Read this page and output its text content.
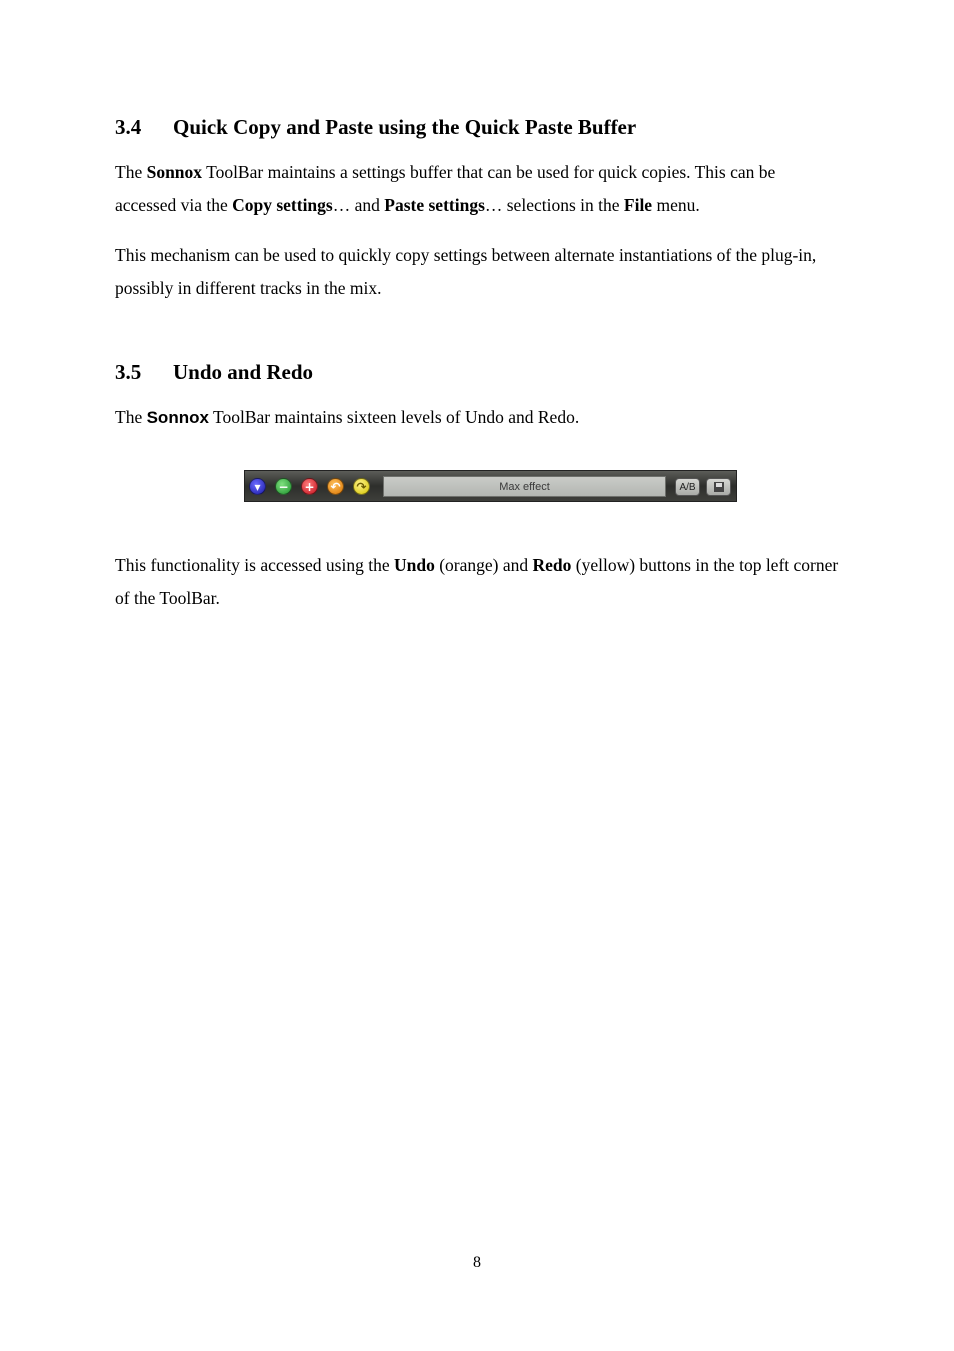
3.4 Quick Copy and Paste using the Quick Paste Buffer

The Sonnox ToolBar maintains a settings buffer that can be used for quick copies. This can be accessed via the Copy settings… and Paste settings… selections in the File menu.

This mechanism can be used to quickly copy settings between alternate instantiations of the plug-in, possibly in different tracks in the mix.

3.5 Undo and Redo

The Sonnox ToolBar maintains sixteen levels of Undo and Redo.

▾	− + ↶ ↷	Max effect	A/B

This functionality is accessed using the Undo (orange) and Redo (yellow) buttons in the top left corner of the ToolBar.

8
